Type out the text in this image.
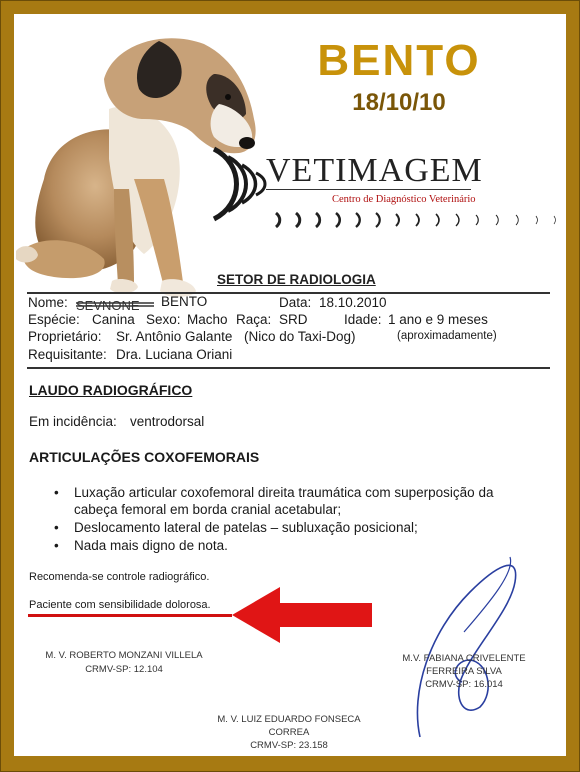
BENTO
18/10/10
VETIMAGEM
Centro de Diagnóstico Veterinário
SETOR DE RADIOLOGIA
Nome:	BENTO	Data: 18.10.2010
Espécie: Canina Sexo: Macho Raça: SRD	Idade: 1 ano e 9 meses
Proprietário: Sr. Antônio Galante (Nico do Taxi-Dog)	(aproximadamente)
Requisitante: Dra. Luciana Oriani
LAUDO RADIOGRÁFICO
Em incidência: ventrodorsal
ARTICULAÇÕES COXOFEMORAIS
• Luxação articular coxofemoral direita traumática com superposição da cabeça femoral em borda cranial acetabular;
• Deslocamento lateral de patelas – subluxação posicional;
• Nada mais digno de nota.
Recomenda-se controle radiográfico.
Paciente com sensibilidade dolorosa.
M. V. ROBERTO MONZANI VILLELA
CRMV-SP: 12.104
M.V. FABIANA CRIVELENTE
FERREIRA SILVA
CRMV-SP: 16.014
M. V. LUIZ EDUARDO FONSECA
CORREA
CRMV-SP: 23.158
